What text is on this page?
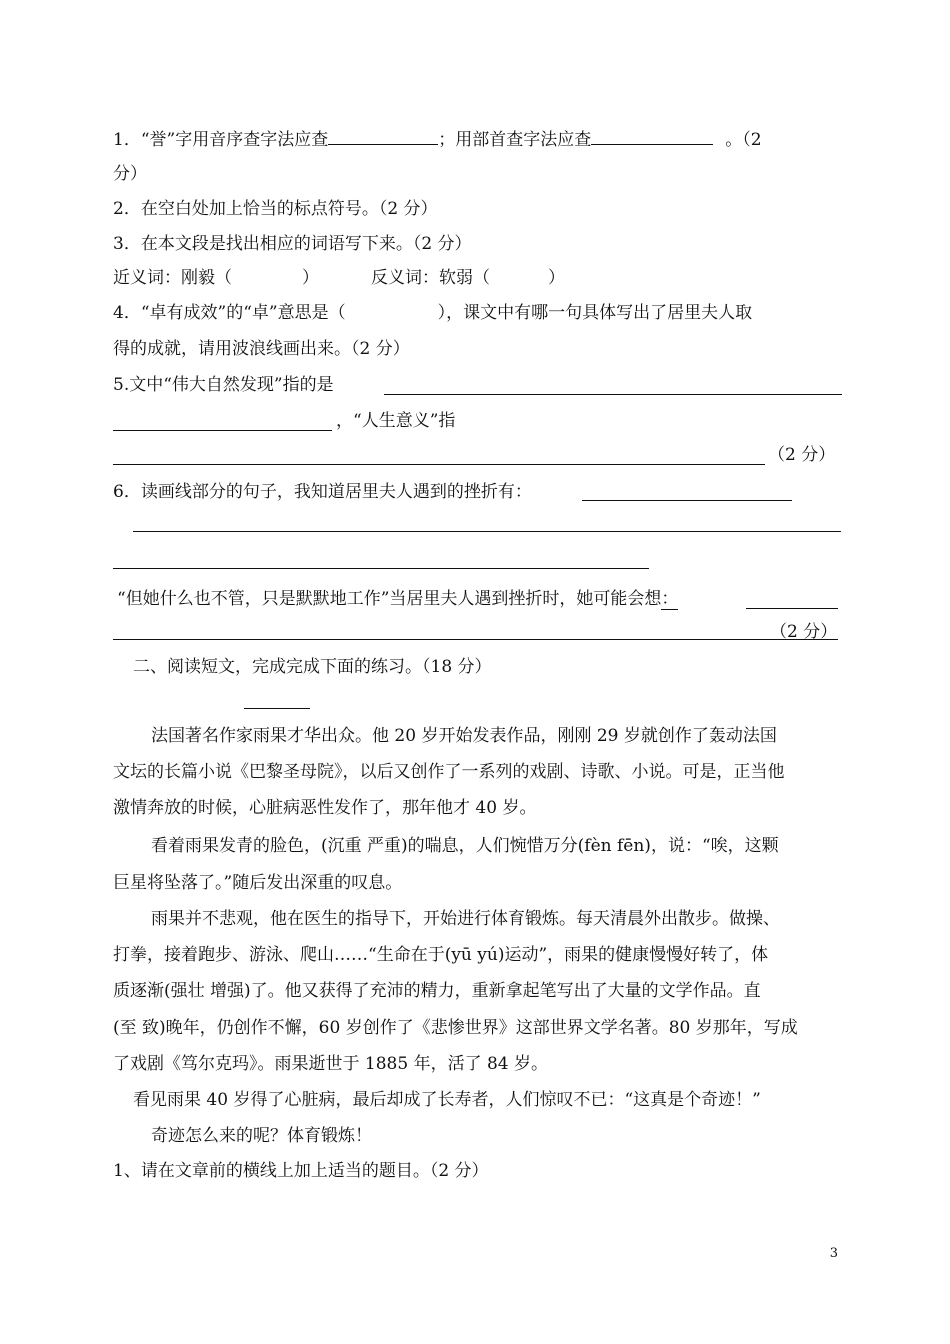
1．“誉”字用音序查字法应查	；用部首查字法应查	。（2
分）
2．在空白处加上恰当的标点符号。（2 分）
3．在本文段是找出相应的词语写下来。（2 分）
近义词：刚毅（	）	反义词：软弱（	）
4．“卓有成效”的“卓”意思是（	），课文中有哪一句具体写出了居里夫人取
得的成就，请用波浪线画出来。（2 分）
5.文中“伟大自然发现”指的是
，“人生意义”指
（2 分）
6．读画线部分的句子，我知道居里夫人遇到的挫折有：
“但她什么也不管，只是默默地工作”当居里夫人遇到挫折时，她可能会想：
（2 分）
二、阅读短文，完成完成下面的练习。（18 分）
法国著名作家雨果才华出众。他 20 岁开始发表作品，刚刚 29 岁就创作了轰动法国
文坛的长篇小说《巴黎圣母院》，以后又创作了一系列的戏剧、诗歌、小说。可是，正当他
激情奔放的时候，心脏病恶性发作了，那年他才 40 岁。
看着雨果发青的脸色，(沉重 严重)的喘息，人们惋惜万分(fèn fēn)，说：“唉，这颗
巨星将坠落了。”随后发出深重的叹息。
雨果并不悲观，他在医生的指导下，开始进行体育锻炼。每天清晨外出散步。做操、
打拳，接着跑步、游泳、爬山……“生命在于(yū yú)运动”，雨果的健康慢慢好转了，体
质逐渐(强壮 增强)了。他又获得了充沛的精力，重新拿起笔写出了大量的文学作品。直
(至 致)晚年，仍创作不懈，60 岁创作了《悲惨世界》这部世界文学名著。80 岁那年，写成
了戏剧《笃尔克玛》。雨果逝世于 1885 年，活了 84 岁。
看见雨果 40 岁得了心脏病，最后却成了长寿者，人们惊叹不已：“这真是个奇迹！”
奇迹怎么来的呢？体育锻炼！
1、请在文章前的横线上加上适当的题目。（2 分）
3
